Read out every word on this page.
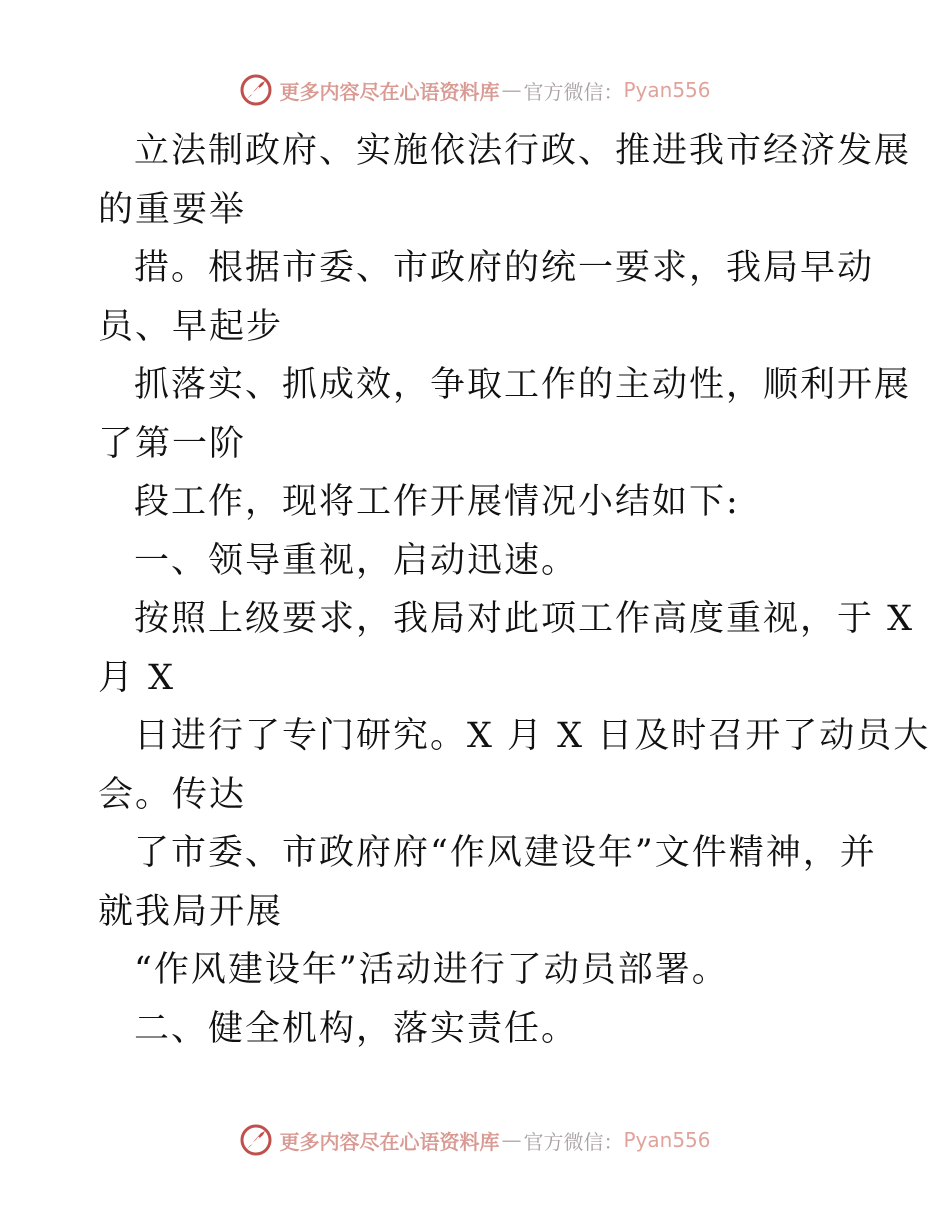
更多内容尽在心语资料库 — 官方微信： Pyan556
立法制政府、实施依法行政、推进我市经济发展
的重要举
措。根据市委、市政府的统一要求，我局早动
员、早起步
抓落实、抓成效，争取工作的主动性，顺利开展
了第一阶
段工作，现将工作开展情况小结如下:
一、领导重视，启动迅速。
按照上级要求，我局对此项工作高度重视，于 X
月 X
日进行了专门研究。X 月 X 日及时召开了动员大
会。传达
了市委、市政府府“作风建设年”文件精神，并
就我局开展
“作风建设年”活动进行了动员部署。
二、健全机构，落实责任。
更多内容尽在心语资料库 — 官方微信： Pyan556
